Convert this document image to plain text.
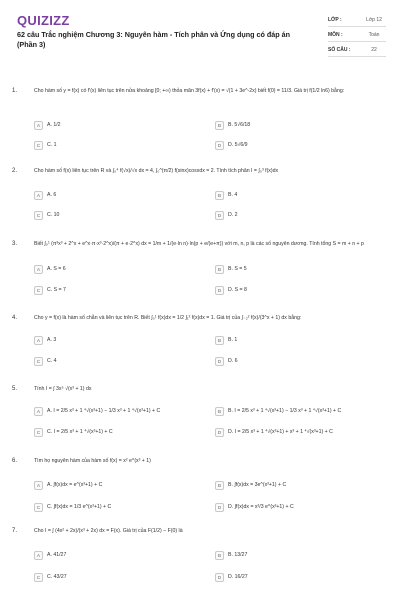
QUIZIZZ
62 câu Trắc nghiệm Chương 3: Nguyên hàm - Tích phân và Ứng dụng có đáp án (Phần 3)
LỚP :	Lớp 12
MÔN :	Toán
SỐ CÂU :	22
1.	Cho hàm số y = f(x) có f'(x) liên tục trên nửa khoảng [0; +∞) thỏa mãn 3f(x) + f'(x) = √(1 + 3e^-2x) biết f(0) = 11/3. Giá trị f(1/2 ln6) bằng:
A	A. 1/2	B	B. 5√6/18
C	C. 1	D	D. 5√6/9
2.	Cho hàm số f(x) liên tục trên R và ∫₀⁴ f(√x)/√x dx = 4, ∫₀^(π/2) f(sinx)cosxdx = 2. Tính tích phân I = ∫₀³ f(x)dx
A	A. 6	B	B. 4
C	C. 10	D	D. 2
3.	Biết ∫₀¹ (π³x³ + 2^x + e^x·π·x³·2^x)/(π + e·2^x) dx = 1/m + 1/(e·ln n)·ln(p + e/(e+π)) với m, n, p là các số nguyên dương. Tính tổng S = m + n + p
A	A. S = 6	B	B. S = 5
C	C. S = 7	D	D. S = 8
4.	Cho y = f(x) là hàm số chẵn và liên tục trên R. Biết ∫₀¹ f(x)dx = 1/2 ∫₁² f(x)dx = 1. Giá trị của ∫₋₂² f(x)/(3^x + 1) dx bằng:
A	A. 3	B	B. 1
C	C. 4	D	D. 6
5.	Tính I = ∫ 3x⁵ √(x³ + 1) dx
A	A. I = 2/5 x³ + 1 ⁴√(x³+1) − 1/3 x³ + 1 ⁴√(x³+1) + C	B	B. I = 2/5 x³ + 1 ⁴√(x³+1) − 1/3 x³ + 1 ⁴√(x³+1) + C
C	C. I = 2/5 x³ + 1 ⁴√(x³+1) + C	D	D. I = 2/5 x³ + 1 ⁴√(x³+1) + x³ + 1 ⁴√(x³+1) + C
6.	Tìm họ nguyên hàm của hàm số f(x) = x² e^(x³ + 1)
A	A. ∫f(x)dx = e^(x³+1) + C	B	B. ∫f(x)dx = 3e^(x³+1) + C
C	C. ∫f(x)dx = 1/3 e^(x³+1) + C	D	D. ∫f(x)dx = x³/3 e^(x³+1) + C
7.	Cho I = ∫ (4x² + 2x)/(x³ + 2x) dx = F(x). Giá trị của F(1/2) − F(0) là
A	A. 41/27	B	B. 13/27
C	C. 43/27	D	D. 16/27
